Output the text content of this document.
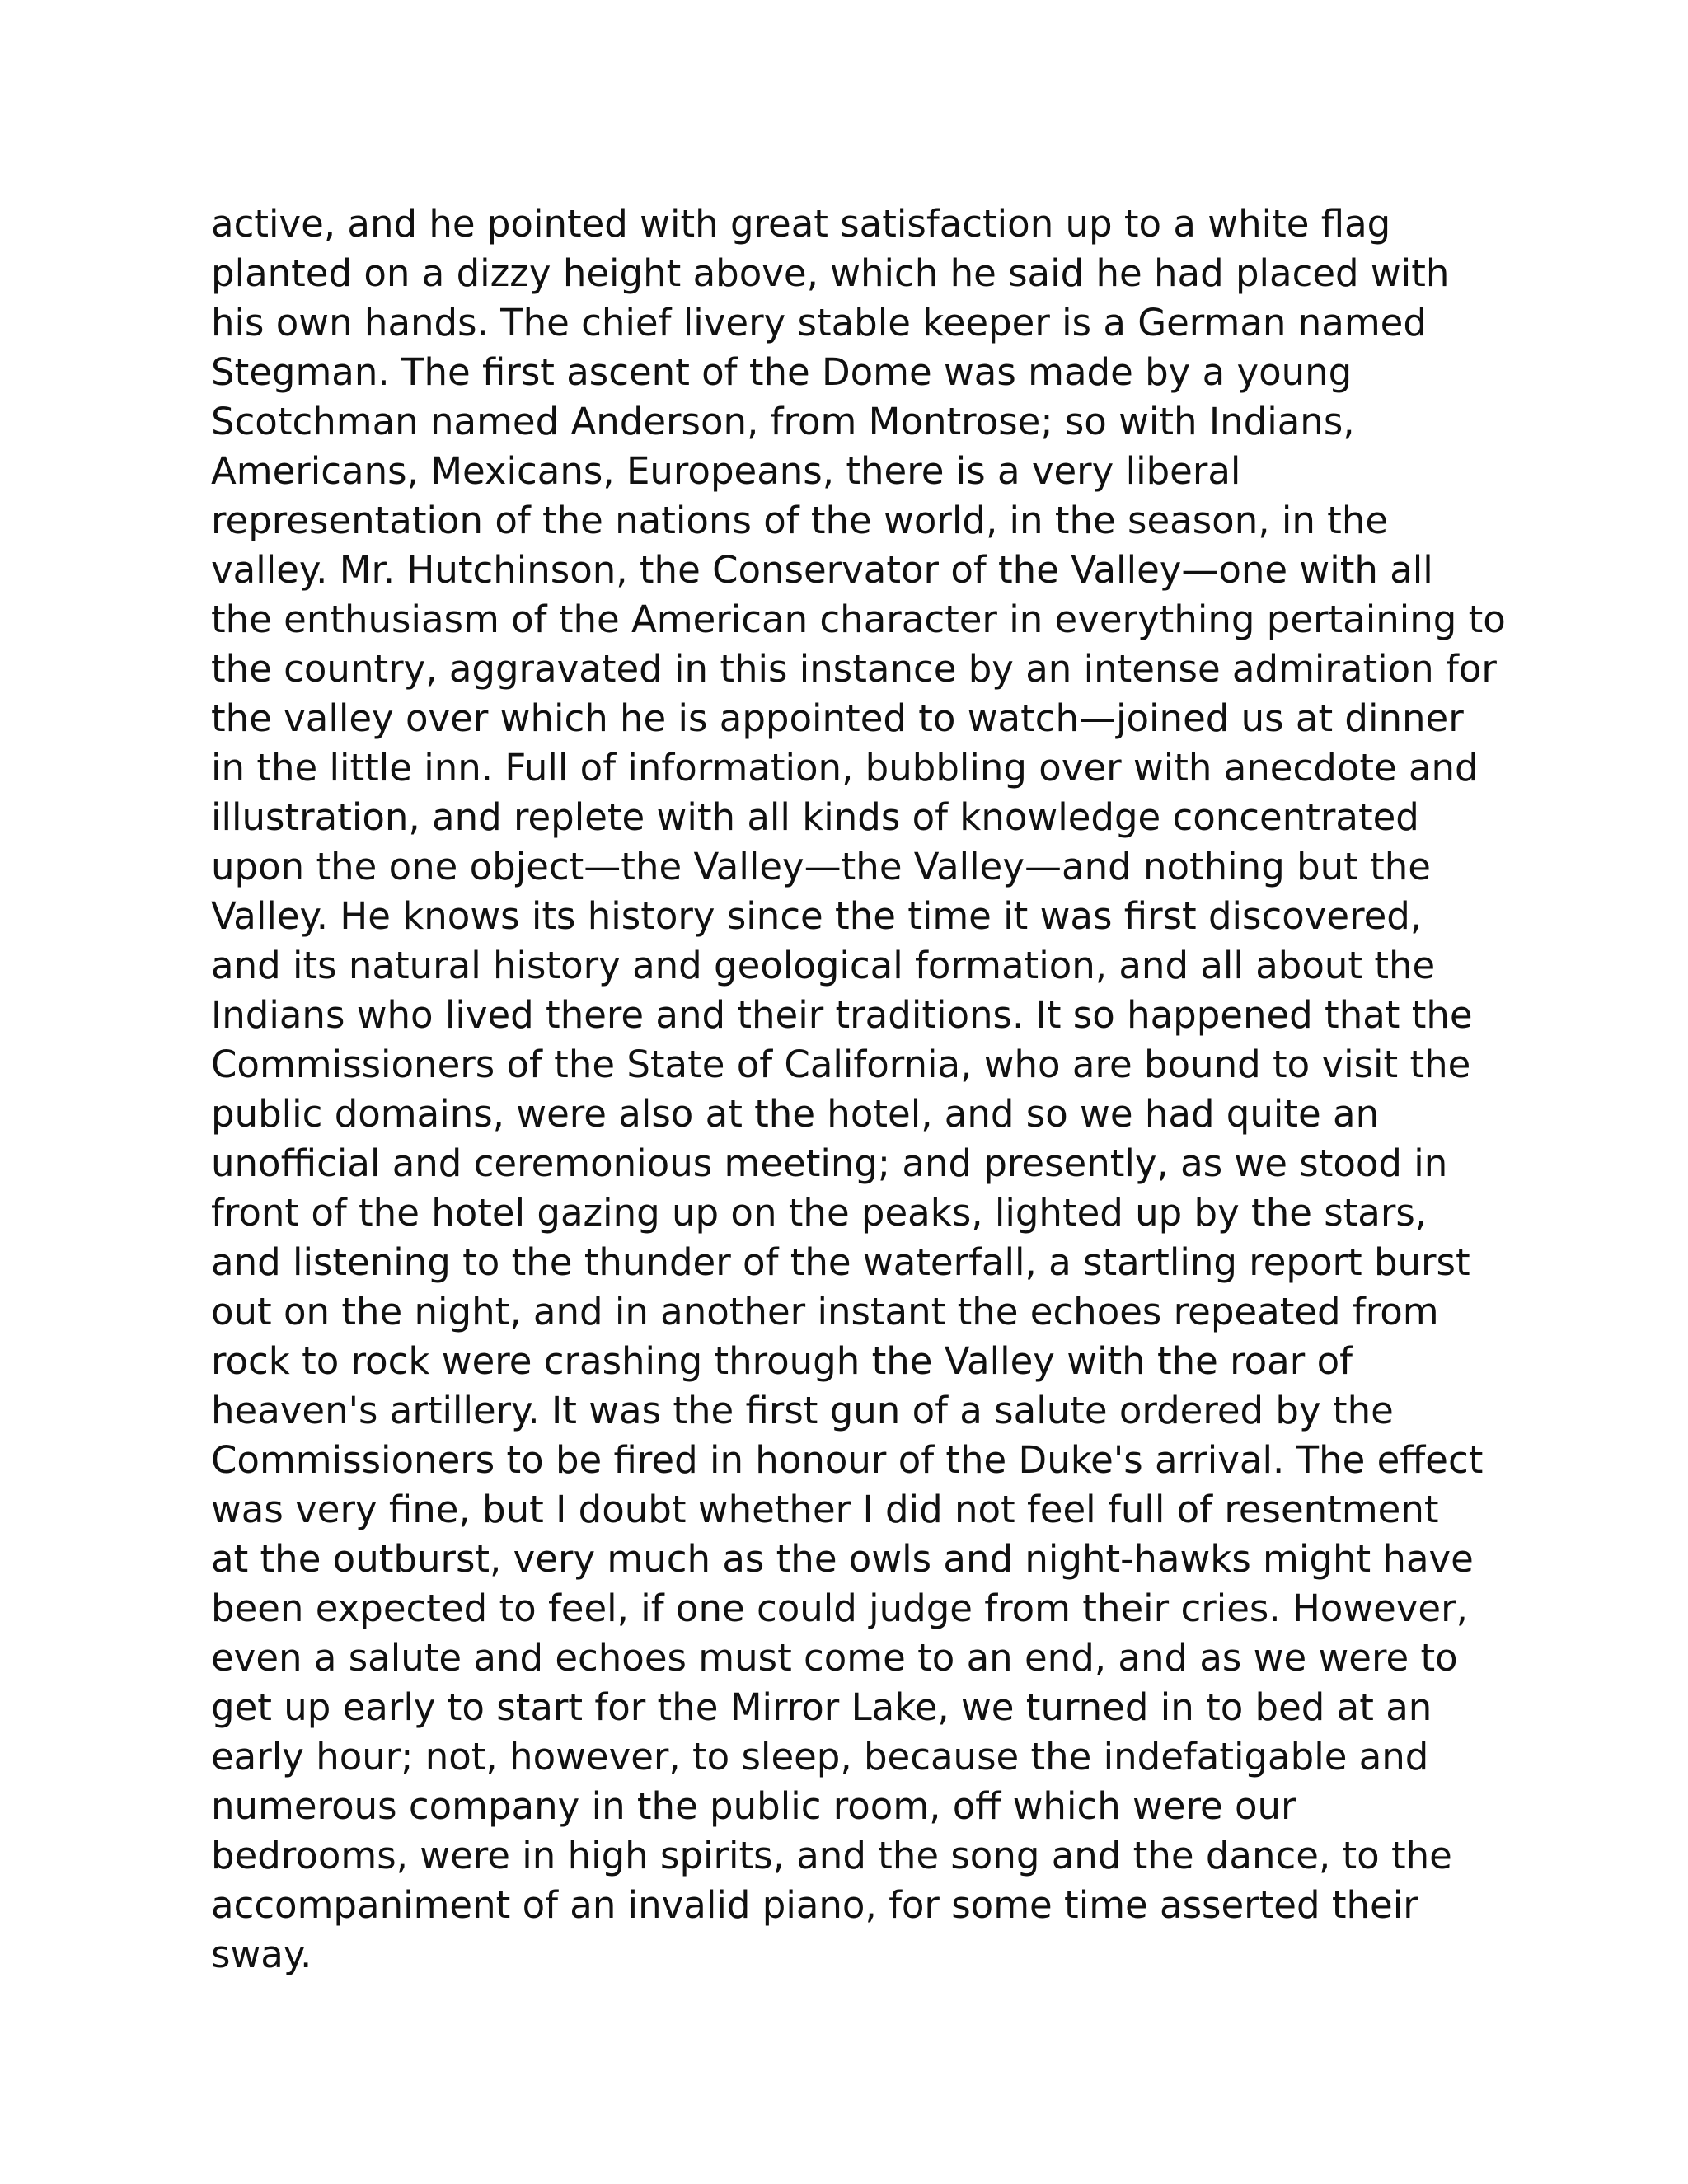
active, and he pointed with great satisfaction up to a white flag
planted on a dizzy height above, which he said he had placed with
his own hands. The chief livery stable keeper is a German named
Stegman. The first ascent of the Dome was made by a young
Scotchman named Anderson, from Montrose; so with Indians,
Americans, Mexicans, Europeans, there is a very liberal
representation of the nations of the world, in the season, in the
valley. Mr. Hutchinson, the Conservator of the Valley—one with all
the enthusiasm of the American character in everything pertaining to
the country, aggravated in this instance by an intense admiration for
the valley over which he is appointed to watch—joined us at dinner
in the little inn. Full of information, bubbling over with anecdote and
illustration, and replete with all kinds of knowledge concentrated
upon the one object—the Valley—the Valley—and nothing but the
Valley. He knows its history since the time it was first discovered,
and its natural history and geological formation, and all about the
Indians who lived there and their traditions. It so happened that the
Commissioners of the State of California, who are bound to visit the
public domains, were also at the hotel, and so we had quite an
unofficial and ceremonious meeting; and presently, as we stood in
front of the hotel gazing up on the peaks, lighted up by the stars,
and listening to the thunder of the waterfall, a startling report burst
out on the night, and in another instant the echoes repeated from
rock to rock were crashing through the Valley with the roar of
heaven's artillery. It was the first gun of a salute ordered by the
Commissioners to be fired in honour of the Duke's arrival. The effect
was very fine, but I doubt whether I did not feel full of resentment
at the outburst, very much as the owls and night-hawks might have
been expected to feel, if one could judge from their cries. However,
even a salute and echoes must come to an end, and as we were to
get up early to start for the Mirror Lake, we turned in to bed at an
early hour; not, however, to sleep, because the indefatigable and
numerous company in the public room, off which were our
bedrooms, were in high spirits, and the song and the dance, to the
accompaniment of an invalid piano, for some time asserted their
sway.
